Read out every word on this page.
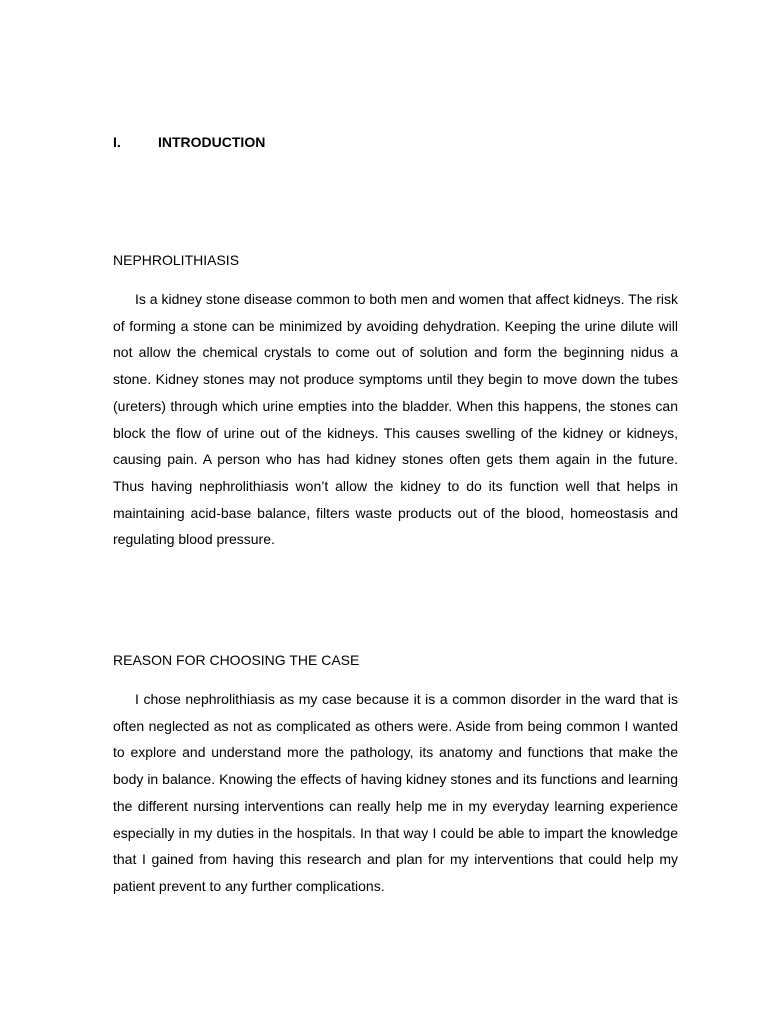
I.	INTRODUCTION
NEPHROLITHIASIS

Is a kidney stone disease common to both men and women that affect kidneys. The risk of forming a stone can be minimized by avoiding dehydration. Keeping the urine dilute will not allow the chemical crystals to come out of solution and form the beginning nidus a stone. Kidney stones may not produce symptoms until they begin to move down the tubes (ureters) through which urine empties into the bladder. When this happens, the stones can block the flow of urine out of the kidneys. This causes swelling of the kidney or kidneys, causing pain. A person who has had kidney stones often gets them again in the future. Thus having nephrolithiasis won’t allow the kidney to do its function well that helps in maintaining acid-base balance, filters waste products out of the blood, homeostasis and regulating blood pressure.

REASON FOR CHOOSING THE CASE

I chose nephrolithiasis as my case because it is a common disorder in the ward that is often neglected as not as complicated as others were. Aside from being common I wanted to explore and understand more the pathology, its anatomy and functions that make the body in balance. Knowing the effects of having kidney stones and its functions and learning the different nursing interventions can really help me in my everyday learning experience especially in my duties in the hospitals. In that way I could be able to impart the knowledge that I gained from having this research and plan for my interventions that could help my patient prevent to any further complications.
